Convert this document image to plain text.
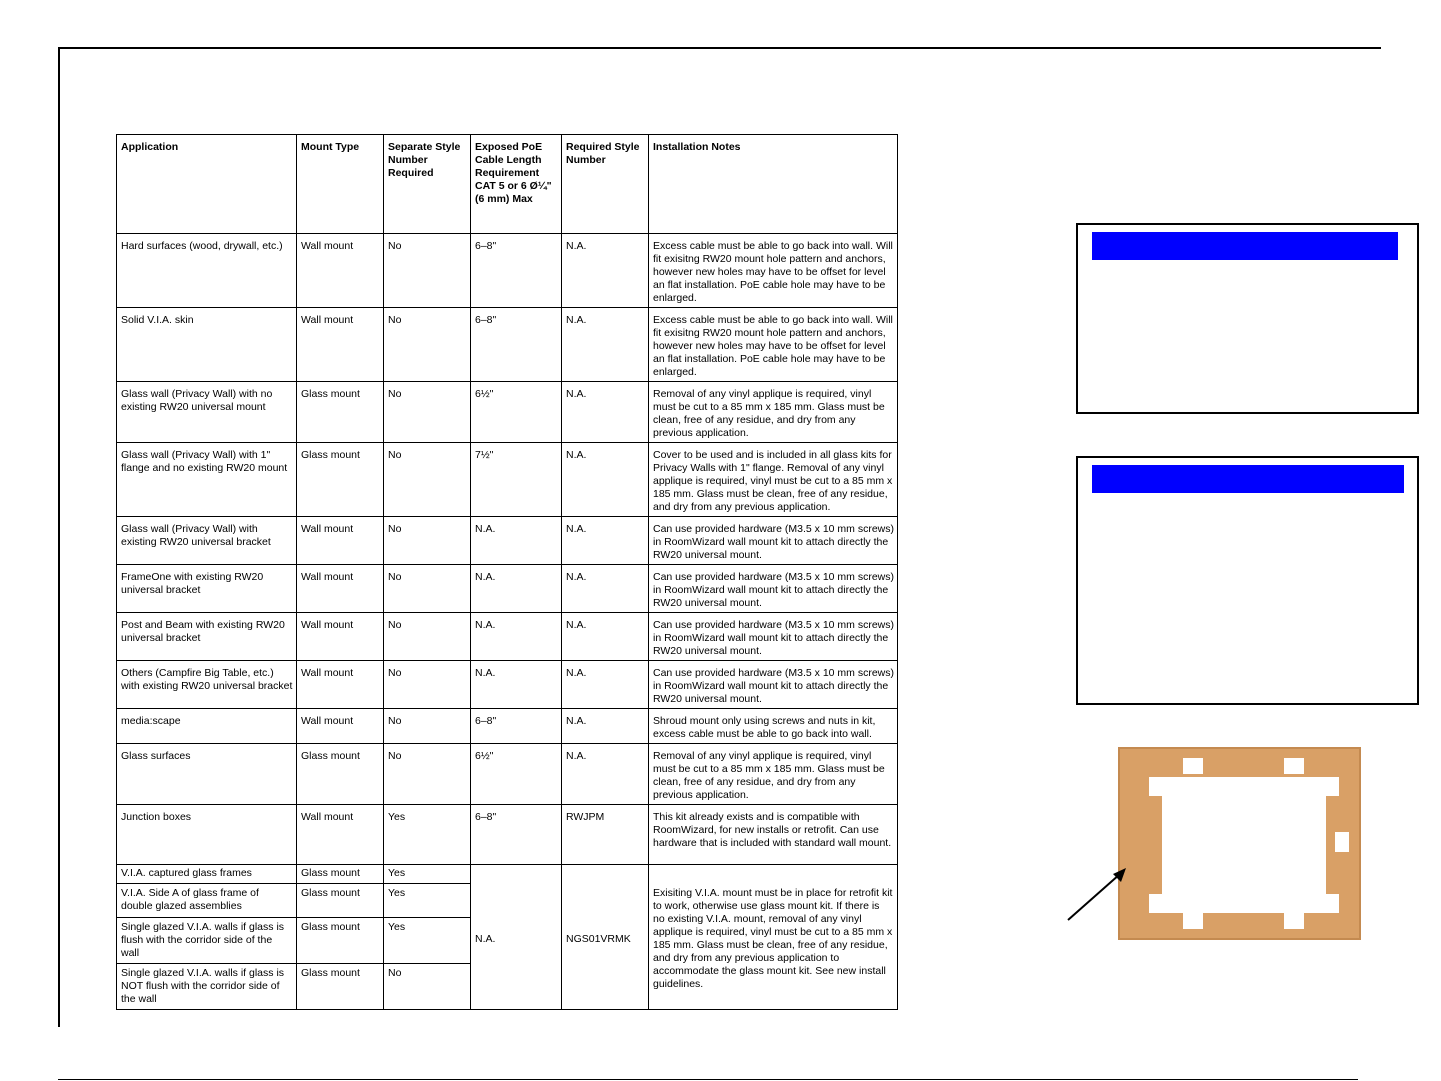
Application	Mount Type	Separate Style Number Required	Exposed PoE Cable Length Requirement CAT 5 or 6 Ø¼" (6 mm) Max	Required Style Number	Installation Notes
Hard surfaces (wood, drywall, etc.)	Wall mount	No	6–8"	N.A.	Excess cable must be able to go back into wall. Will fit exisitng RW20 mount hole pattern and anchors, however new holes may have to be offset for level an flat installation. PoE cable hole may have to be enlarged.
Solid V.I.A. skin	Wall mount	No	6–8"	N.A.	Excess cable must be able to go back into wall. Will fit exisitng RW20 mount hole pattern and anchors, however new holes may have to be offset for level an flat installation. PoE cable hole may have to be enlarged.
Glass wall (Privacy Wall) with no existing RW20 universal mount	Glass mount	No	6½"	N.A.	Removal of any vinyl applique is required, vinyl must be cut to a 85 mm x 185 mm. Glass must be clean, free of any residue, and dry from any previous application.
Glass wall (Privacy Wall) with 1" flange and no existing RW20 mount	Glass mount	No	7½"	N.A.	Cover to be used and is included in all glass kits for Privacy Walls with 1" flange. Removal of any vinyl applique is required, vinyl must be cut to a 85 mm x 185 mm. Glass must be clean, free of any residue, and dry from any previous application.
Glass wall (Privacy Wall) with existing RW20 universal bracket	Wall mount	No	N.A.	N.A.	Can use provided hardware (M3.5 x 10 mm screws) in RoomWizard wall mount kit to attach directly the RW20 universal mount.
FrameOne with existing RW20 universal bracket	Wall mount	No	N.A.	N.A.	Can use provided hardware (M3.5 x 10 mm screws) in RoomWizard wall mount kit to attach directly the RW20 universal mount.
Post and Beam with existing RW20 universal bracket	Wall mount	No	N.A.	N.A.	Can use provided hardware (M3.5 x 10 mm screws) in RoomWizard wall mount kit to attach directly the RW20 universal mount.
Others (Campfire Big Table, etc.) with existing RW20 universal bracket	Wall mount	No	N.A.	N.A.	Can use provided hardware (M3.5 x 10 mm screws) in RoomWizard wall mount kit to attach directly the RW20 universal mount.
media:scape	Wall mount	No	6–8"	N.A.	Shroud mount only using screws and nuts in kit, excess cable must be able to go back into wall.
Glass surfaces	Glass mount	No	6½"	N.A.	Removal of any vinyl applique is required, vinyl must be cut to a 85 mm x 185 mm. Glass must be clean, free of any residue, and dry from any previous application.
Junction boxes	Wall mount	Yes	6–8"	RWJPM	This kit already exists and is compatible with RoomWizard, for new installs or retrofit. Can use hardware that is included with standard wall mount.
V.I.A. captured glass frames	Glass mount	Yes	N.A.	NGS01VRMK	Exisiting V.I.A. mount must be in place for retrofit kit to work, otherwise use glass mount kit. If there is no existing V.I.A. mount, removal of any vinyl applique is required, vinyl must be cut to a 85 mm x 185 mm. Glass must be clean, free of any residue, and dry from any previous application to accommodate the glass mount kit. See new install guidelines.
V.I.A. Side A of glass frame of double glazed assemblies	Glass mount	Yes			
Single glazed V.I.A. walls if glass is flush with the corridor side of the wall	Glass mount	Yes			
Single glazed V.I.A. walls if glass is NOT flush with the corridor side of the wall	Glass mount	No			
